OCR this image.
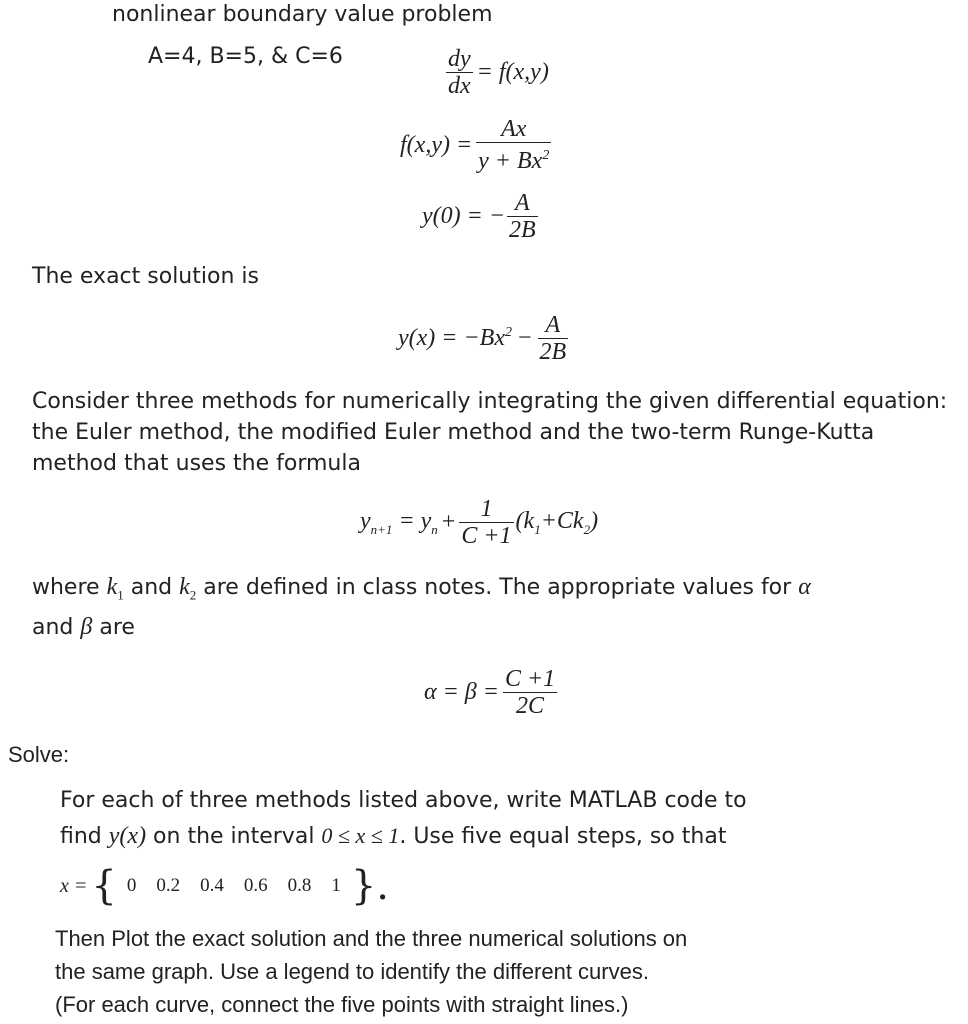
nonlinear boundary value problem
A=4, B=5, & C=6	$\frac{dy}{dx} = f(x,y)$
$f(x,y) = \frac{Ax}{y + Bx^2}$
y(0) = − $\frac{A}{2B}$
The exact solution is
$y(x) = -Bx^2 - \frac{A}{2B}$
Consider three methods for numerically integrating the given differential equation: the Euler method, the modified Euler method and the two-term Runge-Kutta method that uses the formula
$y_{n+1} = y_n + \frac{1}{C +1} (k_1+Ck_2)$
where $k_1$ and $k_2$ are defined in class notes. The appropriate values for α
and β are
$\alpha = \beta = \frac{C +1}{2C}$
Solve:
For each of three methods listed above, write MATLAB code to
find y(x) on the interval 0 ≤ x ≤ 1. Use five equal steps, so that
x = { 0 0.2 0.4 0.6 0.8 1 }.
Then Plot the exact solution and the three numerical solutions on
the same graph. Use a legend to identify the different curves.
(For each curve, connect the five points with straight lines.)
